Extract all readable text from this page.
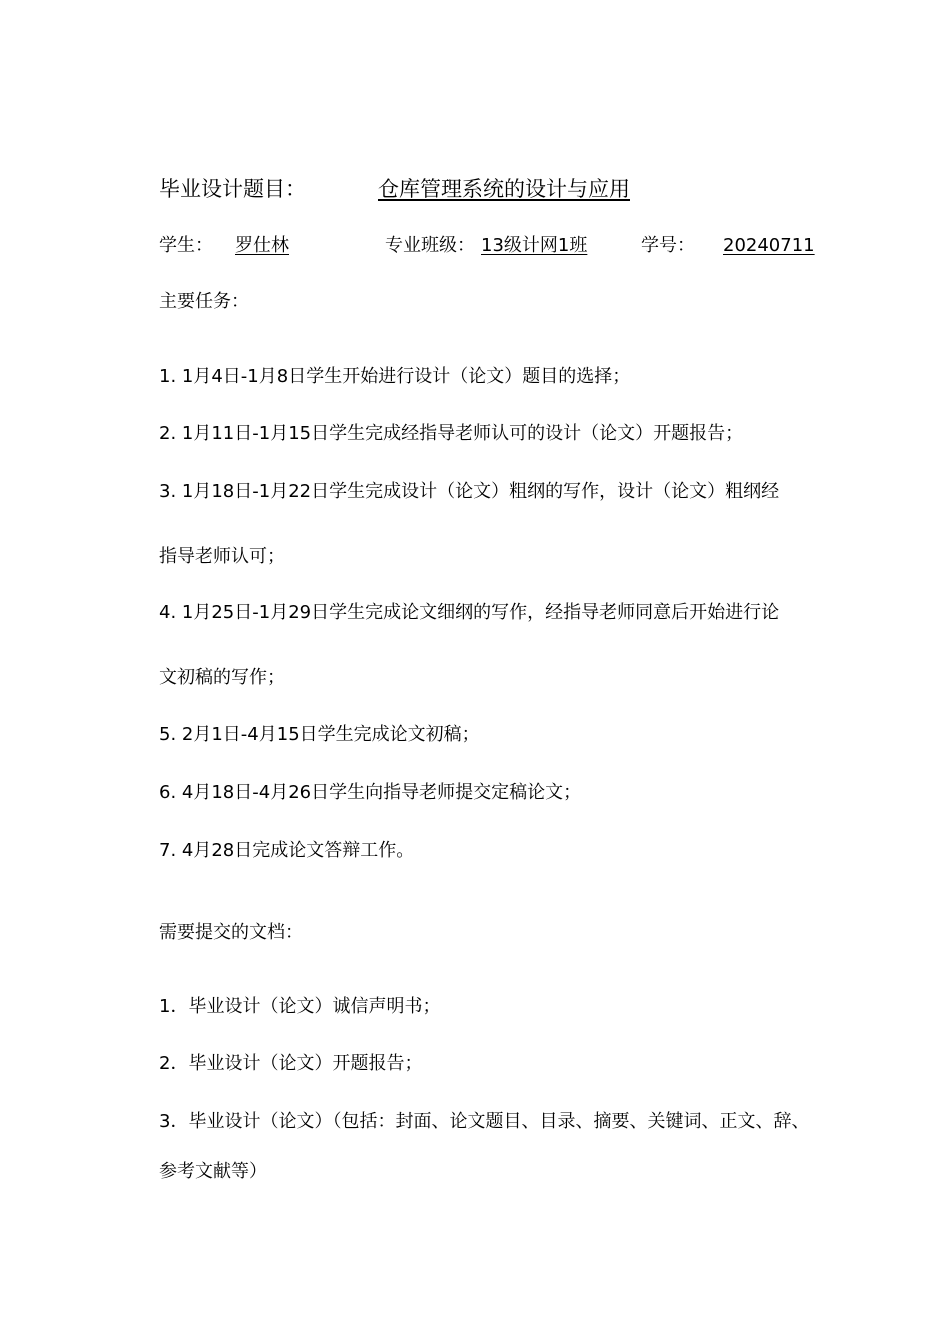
毕业设计题目：	仓库管理系统的设计与应用
学生： 罗仕林	专业班级： 13级计网1班	学号： 20240711
主要任务：
1. 1月4日-1月8日学生开始进行设计（论文）题目的选择；
2. 1月11日-1月15日学生完成经指导老师认可的设计（论文）开题报告；
3. 1月18日-1月22日学生完成设计（论文）粗纲的写作，设计（论文）粗纲经
指导老师认可；
4. 1月25日-1月29日学生完成论文细纲的写作，经指导老师同意后开始进行论
文初稿的写作；
5. 2月1日-4月15日学生完成论文初稿；
6. 4月18日-4月26日学生向指导老师提交定稿论文；
7. 4月28日完成论文答辩工作。
需要提交的文档：
1．毕业设计（论文）诚信声明书；
2．毕业设计（论文）开题报告；
3．毕业设计（论文）（包括：封面、论文题目、目录、摘要、关键词、正文、辞、
参考文献等）
